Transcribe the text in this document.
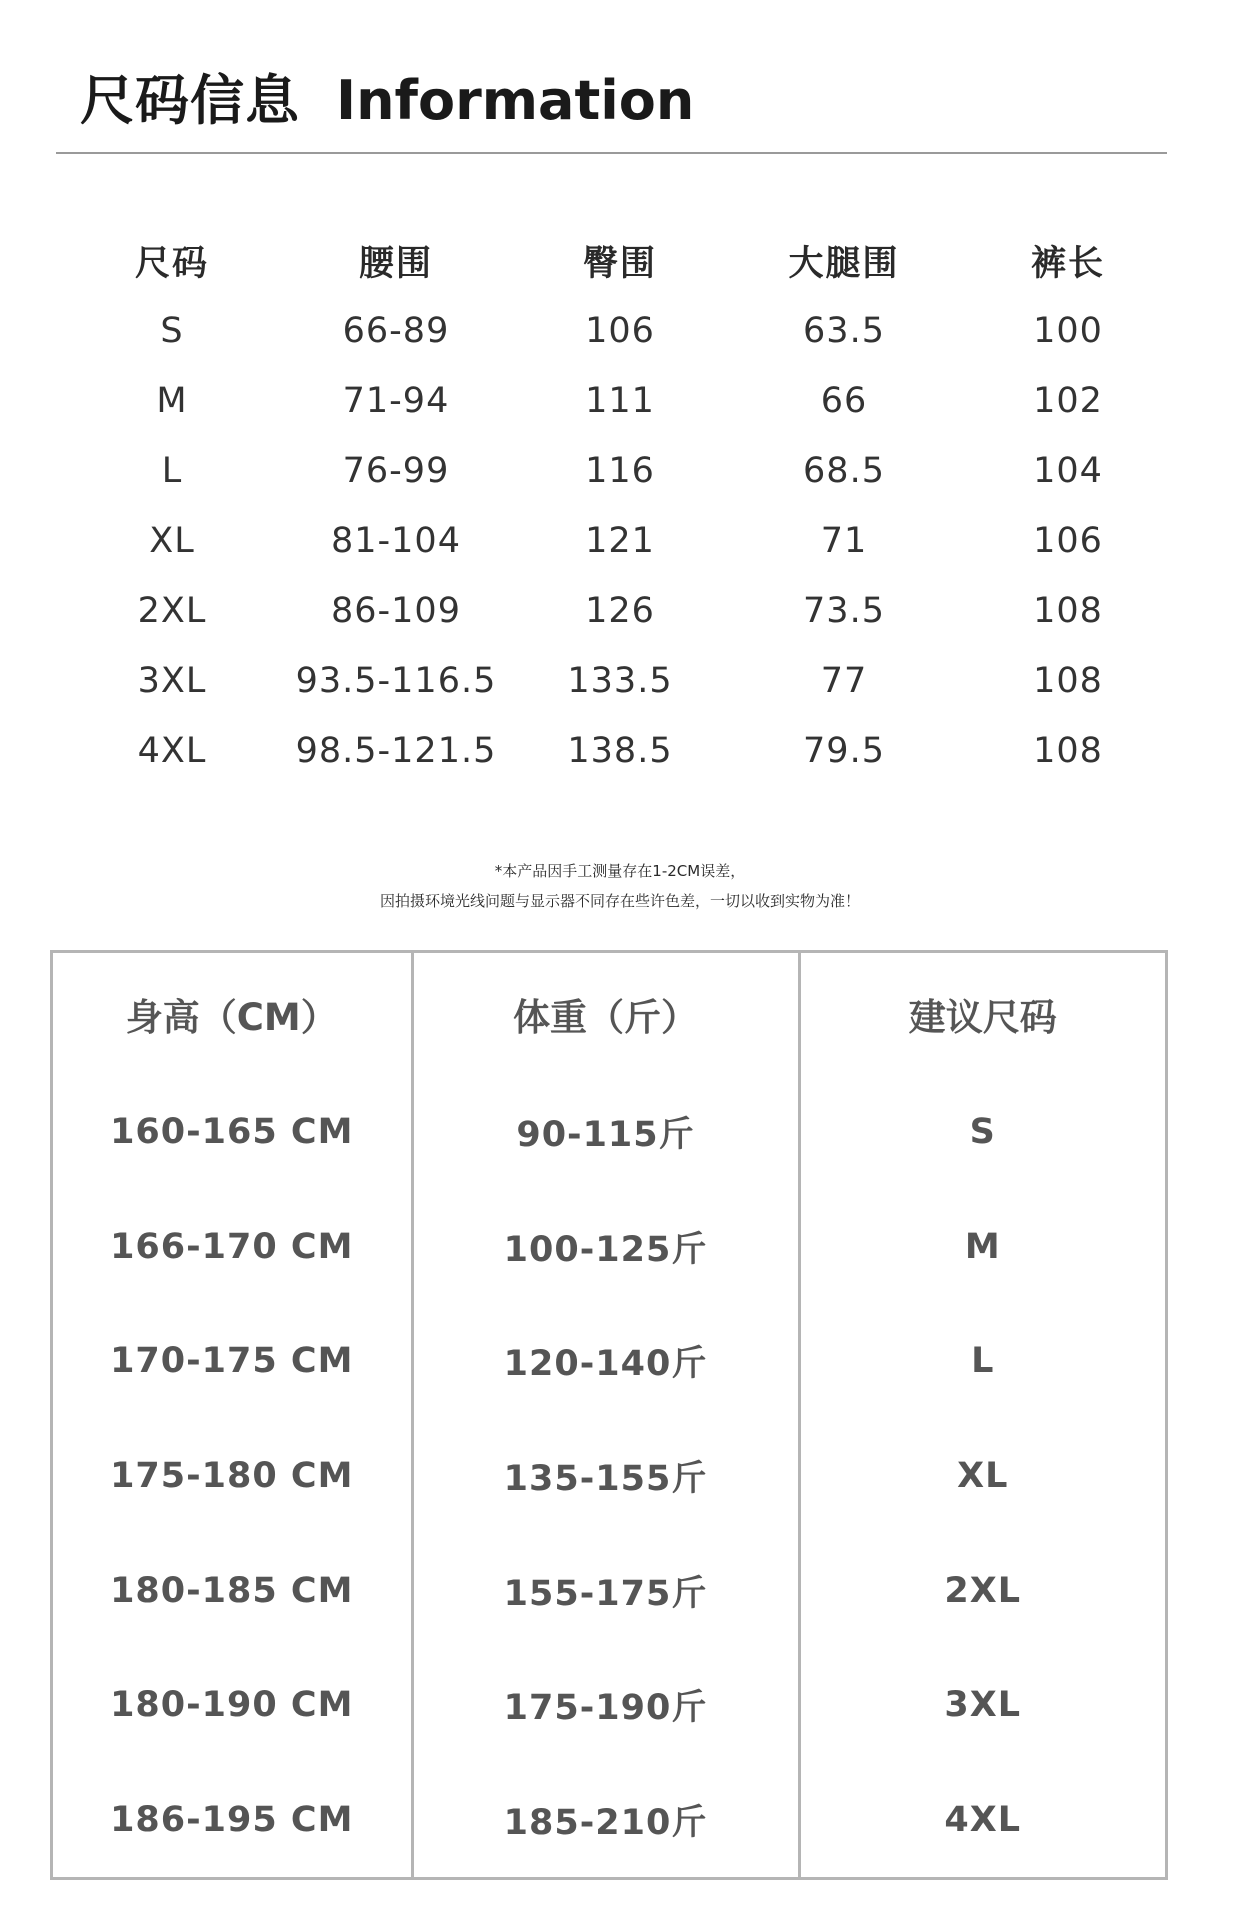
尺码信息 Information
尺码	腰围	臀围	大腿围	裤长
S	66-89	106	63.5	100
M	71-94	111	66	102
L	76-99	116	68.5	104
XL	81-104	121	71	106
2XL	86-109	126	73.5	108
3XL	93.5-116.5	133.5	77	108
4XL	98.5-121.5	138.5	79.5	108

*本产品因手工测量存在1-2CM误差，

因拍摄环境光线问题与显示器不同存在些许色差，一切以收到实物为准！

身高（CM）	体重（斤）	建议尺码
160-165 CM	90-115斤	S
166-170 CM	100-125斤	M
170-175 CM	120-140斤	L
175-180 CM	135-155斤	XL
180-185 CM	155-175斤	2XL
180-190 CM	175-190斤	3XL
186-195 CM	185-210斤	4XL
